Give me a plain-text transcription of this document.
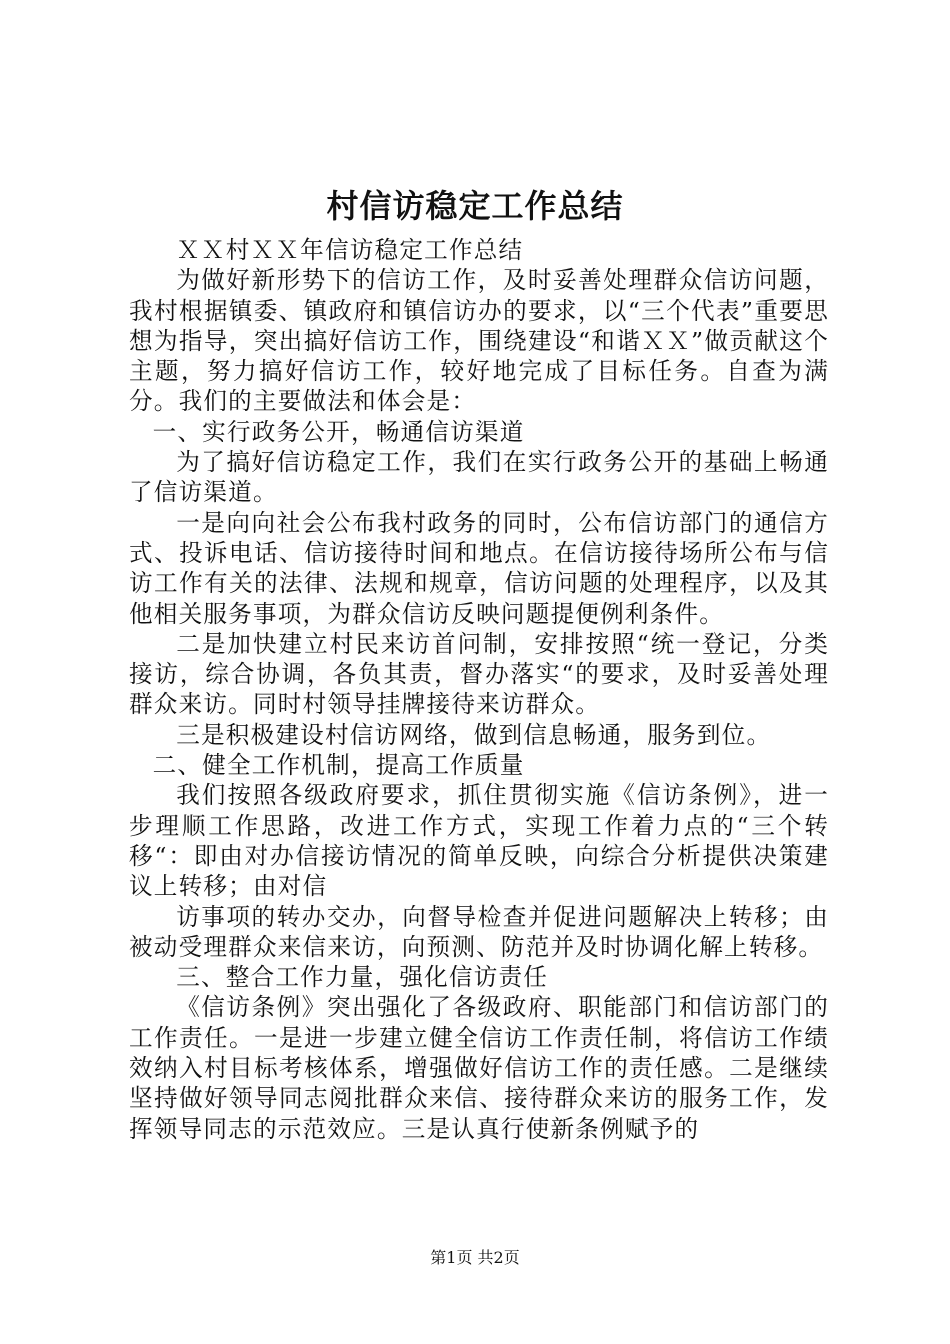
村信访稳定工作总结

ＸＸ村ＸＸ年信访稳定工作总结

为做好新形势下的信访工作，及时妥善处理群众信访问题，我村根据镇委、镇政府和镇信访办的要求，以“三个代表”重要思想为指导，突出搞好信访工作，围绕建设“和谐ＸＸ”做贡献这个主题，努力搞好信访工作，较好地完成了目标任务。自查为满分。我们的主要做法和体会是：

一、实行政务公开，畅通信访渠道

为了搞好信访稳定工作，我们在实行政务公开的基础上畅通了信访渠道。

一是向向社会公布我村政务的同时，公布信访部门的通信方式、投诉电话、信访接待时间和地点。在信访接待场所公布与信访工作有关的法律、法规和规章，信访问题的处理程序，以及其他相关服务事项，为群众信访反映问题提便例利条件。

二是加快建立村民来访首问制，安排按照“统一登记，分类接访，综合协调，各负其责，督办落实“的要求，及时妥善处理群众来访。同时村领导挂牌接待来访群众。

三是积极建设村信访网络，做到信息畅通，服务到位。

二、健全工作机制，提高工作质量

我们按照各级政府要求，抓住贯彻实施《信访条例》，进一步理顺工作思路，改进工作方式，实现工作着力点的“三个转移“：即由对办信接访情况的简单反映，向综合分析提供决策建议上转移；由对信

访事项的转办交办，向督导检查并促进问题解决上转移；由被动受理群众来信来访，向预测、防范并及时协调化解上转移。

三、整合工作力量，强化信访责任

《信访条例》突出强化了各级政府、职能部门和信访部门的工作责任。一是进一步建立健全信访工作责任制，将信访工作绩效纳入村目标考核体系，增强做好信访工作的责任感。二是继续坚持做好领导同志阅批群众来信、接待群众来访的服务工作，发挥领导同志的示范效应。三是认真行使新条例赋予的

第1页 共2页
